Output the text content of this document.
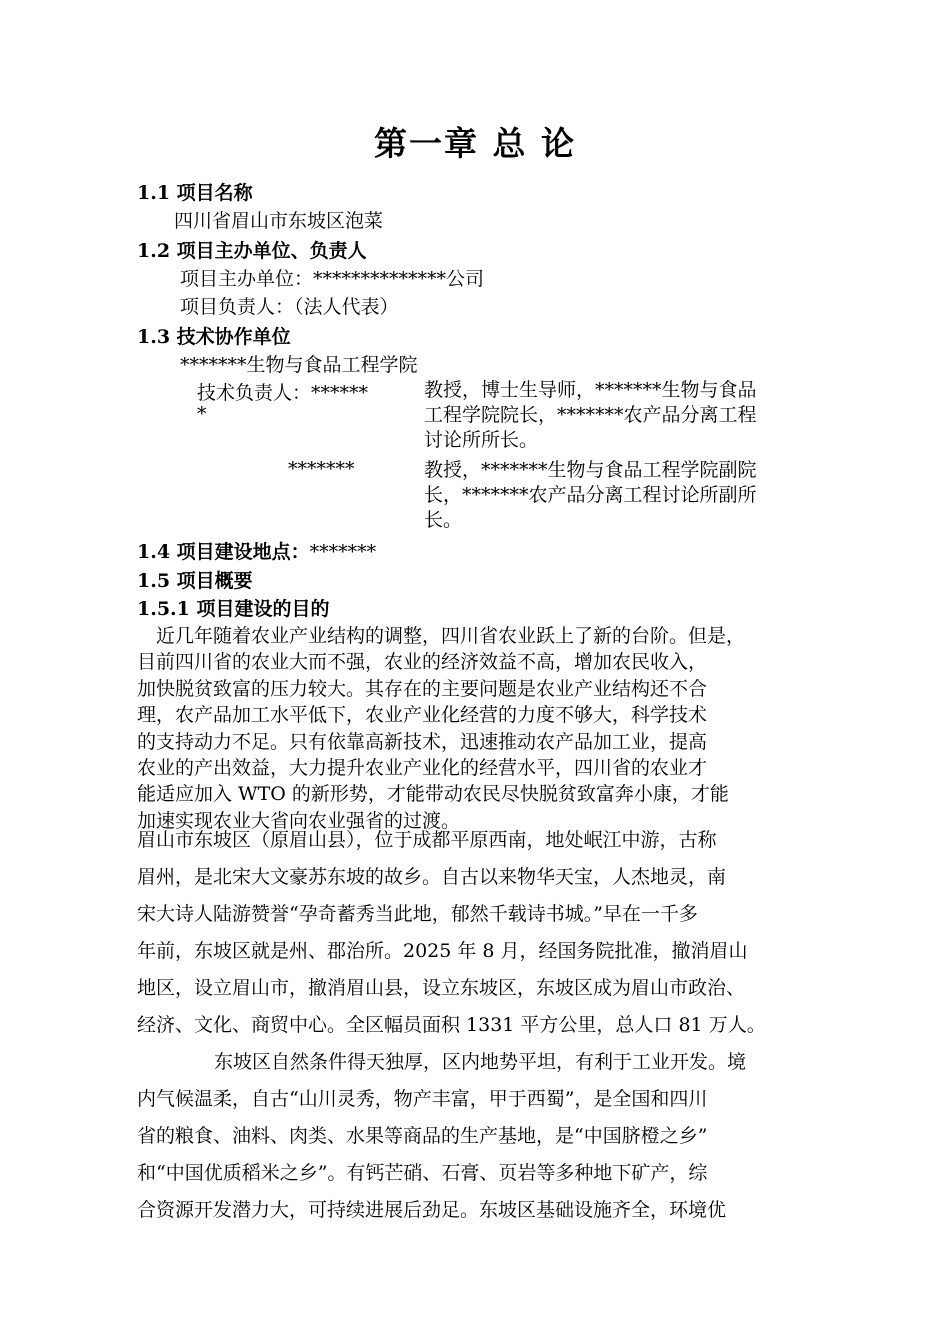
第一章 总 论
1.1 项目名称
四川省眉山市东坡区泡菜
1.2 项目主办单位、负责人
项目主办单位：**************公司
项目负责人：（法人代表）
1.3 技术协作单位
*******生物与食品工程学院
技术负责人：******
*
教授，博士生导师，*******生物与食品
工程学院院长，*******农产品分离工程
讨论所所长。
*******	教授，*******生物与食品工程学院副院
长，*******农产品分离工程讨论所副所
长。
1.4 项目建设地点：*******
1.5 项目概要
1.5.1 项目建设的目的
近几年随着农业产业结构的调整，四川省农业跃上了新的台阶。但是，
目前四川省的农业大而不强，农业的经济效益不高，增加农民收入，
加快脱贫致富的压力较大。其存在的主要问题是农业产业结构还不合
理，农产品加工水平低下，农业产业化经营的力度不够大，科学技术
的支持动力不足。只有依靠高新技术，迅速推动农产品加工业，提高
农业的产出效益，大力提升农业产业化的经营水平，四川省的农业才
能适应加入 WTO 的新形势，才能带动农民尽快脱贫致富奔小康，才能
加速实现农业大省向农业强省的过渡。
眉山市东坡区（原眉山县），位于成都平原西南，地处岷江中游，古称
眉州，是北宋大文豪苏东坡的故乡。自古以来物华天宝，人杰地灵，南
宋大诗人陆游赞誉“孕奇蓄秀当此地，郁然千载诗书城。”早在一千多
年前，东坡区就是州、郡治所。2025 年 8 月，经国务院批准，撤消眉山
地区，设立眉山市，撤消眉山县，设立东坡区，东坡区成为眉山市政治、
经济、文化、商贸中心。全区幅员面积 1331 平方公里，总人口 81 万人。
东坡区自然条件得天独厚，区内地势平坦，有利于工业开发。境
内气候温柔，自古“山川灵秀，物产丰富，甲于西蜀”，是全国和四川
省的粮食、油料、肉类、水果等商品的生产基地，是“中国脐橙之乡”
和“中国优质稻米之乡”。有钙芒硝、石膏、页岩等多种地下矿产，综
合资源开发潜力大，可持续进展后劲足。东坡区基础设施齐全，环境优
